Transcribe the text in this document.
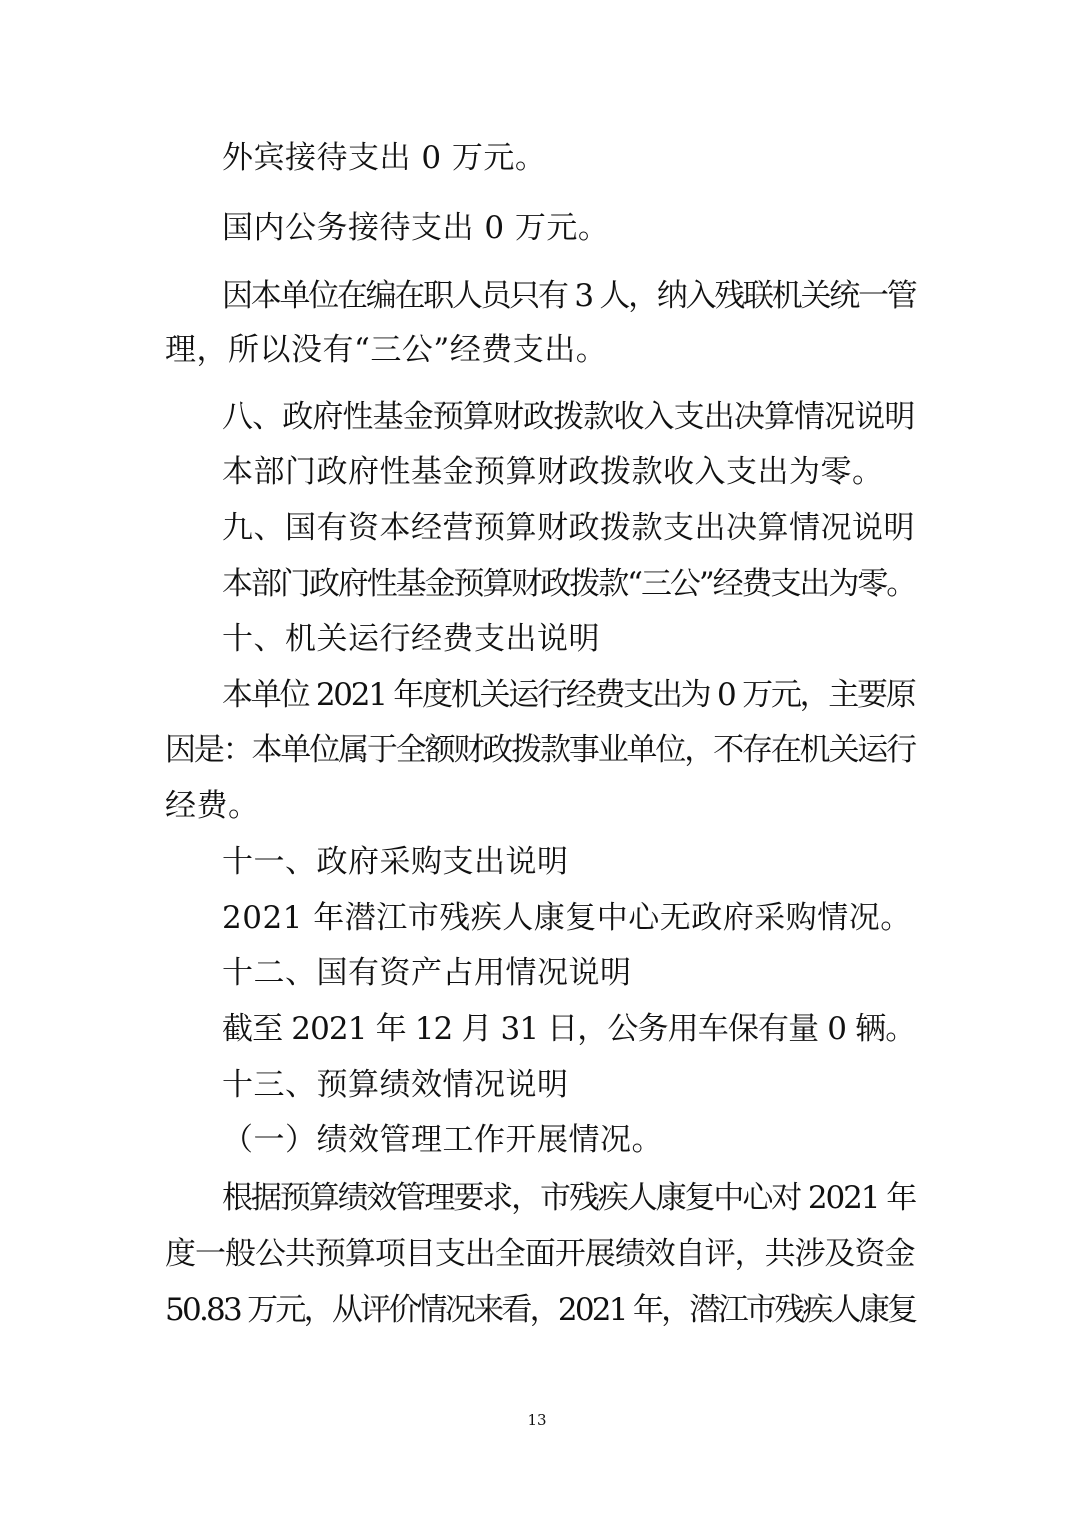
外宾接待支出 0 万元。
国内公务接待支出 0 万元。
因本单位在编在职人员只有 3 人，纳入残联机关统一管
理，所以没有“三公”经费支出。
八、政府性基金预算财政拨款收入支出决算情况说明
本部门政府性基金预算财政拨款收入支出为零。
九、国有资本经营预算财政拨款支出决算情况说明
本部门政府性基金预算财政拨款“三公”经费支出为零。
十、机关运行经费支出说明
本单位 2021 年度机关运行经费支出为 0 万元，主要原
因是：本单位属于全额财政拨款事业单位，不存在机关运行
经费。
十一、政府采购支出说明
2021 年潜江市残疾人康复中心无政府采购情况。
十二、国有资产占用情况说明
截至 2021 年 12 月 31 日，公务用车保有量 0 辆。
十三、预算绩效情况说明
（一）绩效管理工作开展情况。
根据预算绩效管理要求，市残疾人康复中心对 2021 年
度一般公共预算项目支出全面开展绩效自评，共涉及资金
50.83 万元，从评价情况来看，2021 年，潜江市残疾人康复
13
